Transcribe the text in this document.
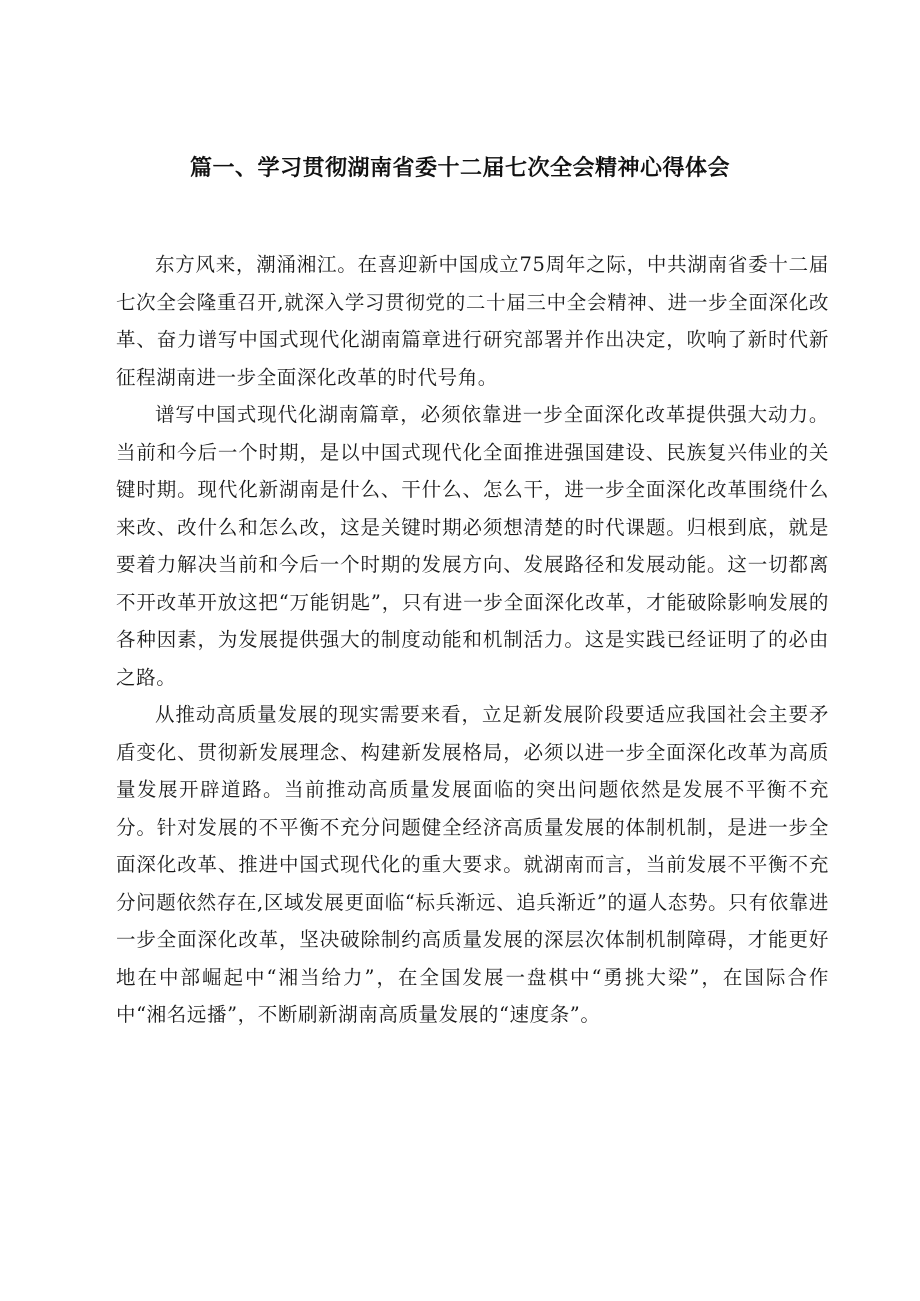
篇一、学习贯彻湖南省委十二届七次全会精神心得体会

东方风来，潮涌湘江。在喜迎新中国成立75周年之际，中共湖南省委十二届七次全会隆重召开,就深入学习贯彻党的二十届三中全会精神、进一步全面深化改革、奋力谱写中国式现代化湖南篇章进行研究部署并作出决定，吹响了新时代新征程湖南进一步全面深化改革的时代号角。

谱写中国式现代化湖南篇章，必须依靠进一步全面深化改革提供强大动力。当前和今后一个时期，是以中国式现代化全面推进强国建设、民族复兴伟业的关键时期。现代化新湖南是什么、干什么、怎么干，进一步全面深化改革围绕什么来改、改什么和怎么改，这是关键时期必须想清楚的时代课题。归根到底，就是要着力解决当前和今后一个时期的发展方向、发展路径和发展动能。这一切都离不开改革开放这把“万能钥匙”，只有进一步全面深化改革，才能破除影响发展的各种因素，为发展提供强大的制度动能和机制活力。这是实践已经证明了的必由之路。

从推动高质量发展的现实需要来看，立足新发展阶段要适应我国社会主要矛盾变化、贯彻新发展理念、构建新发展格局，必须以进一步全面深化改革为高质量发展开辟道路。当前推动高质量发展面临的突出问题依然是发展不平衡不充分。针对发展的不平衡不充分问题健全经济高质量发展的体制机制，是进一步全面深化改革、推进中国式现代化的重大要求。就湖南而言，当前发展不平衡不充分问题依然存在,区域发展更面临“标兵渐远、追兵渐近”的逼人态势。只有依靠进一步全面深化改革，坚决破除制约高质量发展的深层次体制机制障碍，才能更好地在中部崛起中“湘当给力”，在全国发展一盘棋中“勇挑大梁”，在国际合作中“湘名远播”，不断刷新湖南高质量发展的“速度条”。
